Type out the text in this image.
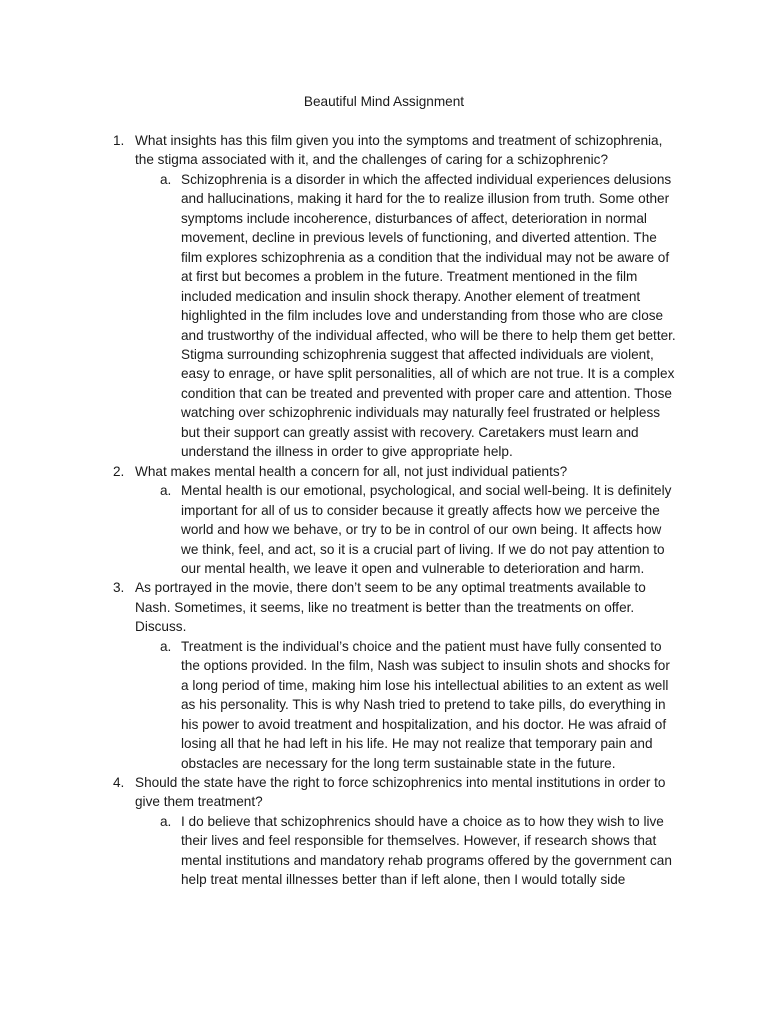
Beautiful Mind Assignment
1. What insights has this film given you into the symptoms and treatment of schizophrenia, the stigma associated with it, and the challenges of caring for a schizophrenic?
a. Schizophrenia is a disorder in which the affected individual experiences delusions and hallucinations, making it hard for the to realize illusion from truth. Some other symptoms include incoherence, disturbances of affect, deterioration in normal movement, decline in previous levels of functioning, and diverted attention. The film explores schizophrenia as a condition that the individual may not be aware of at first but becomes a problem in the future. Treatment mentioned in the film included medication and insulin shock therapy. Another element of treatment highlighted in the film includes love and understanding from those who are close and trustworthy of the individual affected, who will be there to help them get better. Stigma surrounding schizophrenia suggest that affected individuals are violent, easy to enrage, or have split personalities, all of which are not true. It is a complex condition that can be treated and prevented with proper care and attention. Those watching over schizophrenic individuals may naturally feel frustrated or helpless but their support can greatly assist with recovery. Caretakers must learn and understand the illness in order to give appropriate help.
2. What makes mental health a concern for all, not just individual patients?
a. Mental health is our emotional, psychological, and social well-being. It is definitely important for all of us to consider because it greatly affects how we perceive the world and how we behave, or try to be in control of our own being. It affects how we think, feel, and act, so it is a crucial part of living. If we do not pay attention to our mental health, we leave it open and vulnerable to deterioration and harm.
3. As portrayed in the movie, there don’t seem to be any optimal treatments available to Nash. Sometimes, it seems, like no treatment is better than the treatments on offer. Discuss.
a. Treatment is the individual’s choice and the patient must have fully consented to the options provided. In the film, Nash was subject to insulin shots and shocks for a long period of time, making him lose his intellectual abilities to an extent as well as his personality. This is why Nash tried to pretend to take pills, do everything in his power to avoid treatment and hospitalization, and his doctor. He was afraid of losing all that he had left in his life. He may not realize that temporary pain and obstacles are necessary for the long term sustainable state in the future.
4. Should the state have the right to force schizophrenics into mental institutions in order to give them treatment?
a. I do believe that schizophrenics should have a choice as to how they wish to live their lives and feel responsible for themselves. However, if research shows that mental institutions and mandatory rehab programs offered by the government can help treat mental illnesses better than if left alone, then I would totally side
